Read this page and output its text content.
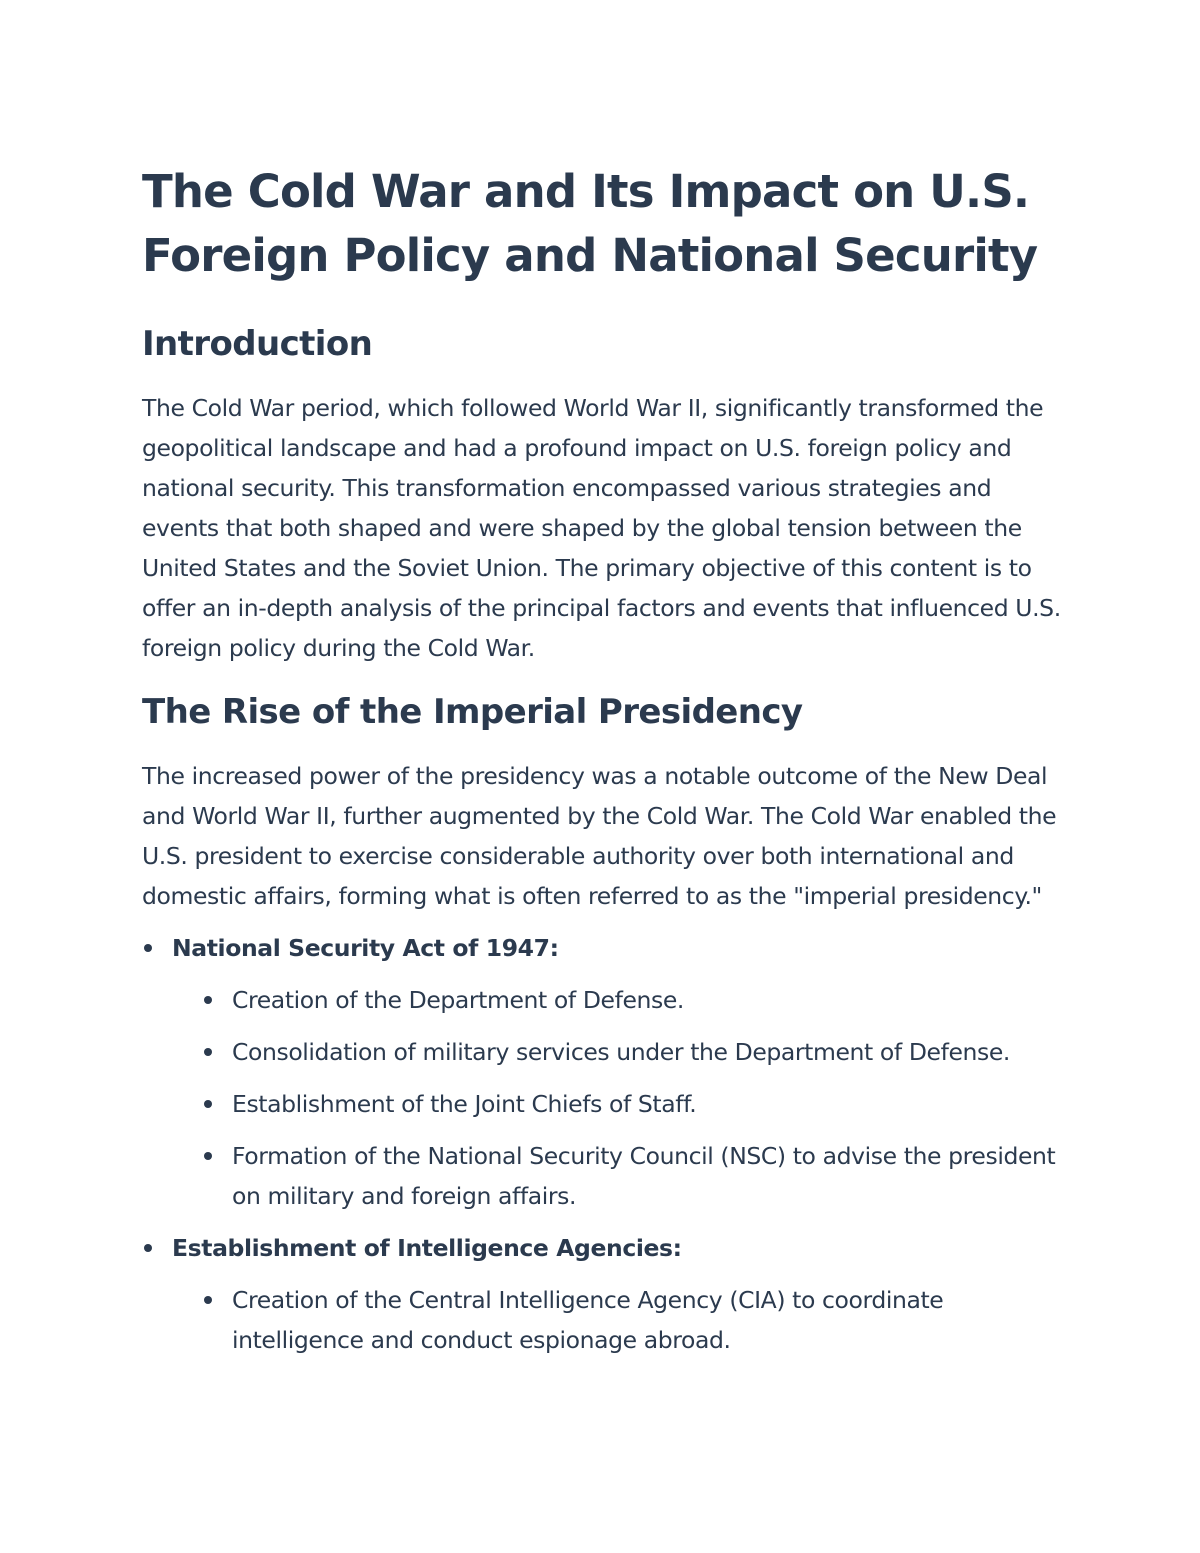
The Cold War and Its Impact on U.S. Foreign Policy and National Security
Introduction

The Cold War period, which followed World War II, significantly transformed the geopolitical landscape and had a profound impact on U.S. foreign policy and national security. This transformation encompassed various strategies and events that both shaped and were shaped by the global tension between the United States and the Soviet Union. The primary objective of this content is to offer an in-depth analysis of the principal factors and events that influenced U.S. foreign policy during the Cold War.

The Rise of the Imperial Presidency

The increased power of the presidency was a notable outcome of the New Deal and World War II, further augmented by the Cold War. The Cold War enabled the U.S. president to exercise considerable authority over both international and domestic affairs, forming what is often referred to as the "imperial presidency."

National Security Act of 1947:
Creation of the Department of Defense.
Consolidation of military services under the Department of Defense.
Establishment of the Joint Chiefs of Staff.
Formation of the National Security Council (NSC) to advise the president on military and foreign affairs.
Establishment of Intelligence Agencies:
Creation of the Central Intelligence Agency (CIA) to coordinate intelligence and conduct espionage abroad.
